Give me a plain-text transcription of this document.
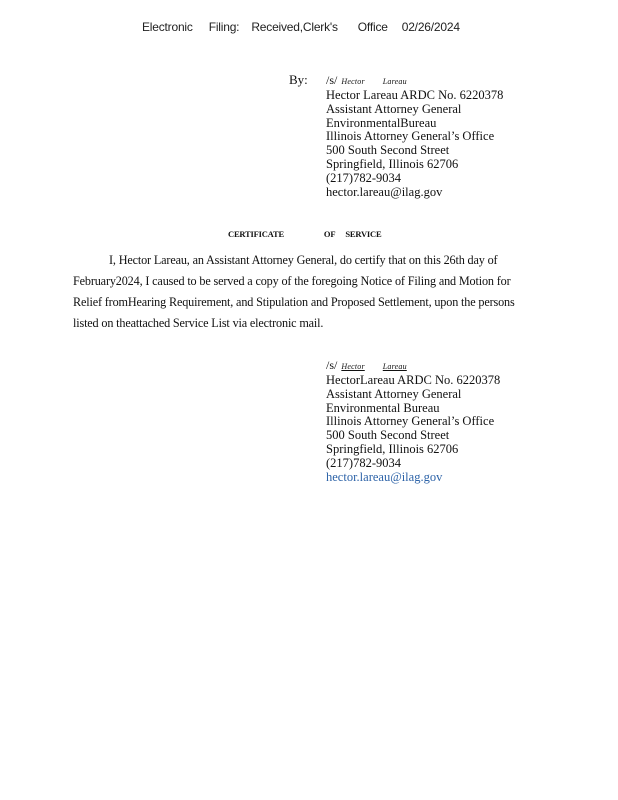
Electronic Filing: Received,Clerk's Office 02/26/2024
By: /s/ Hector Lareau
Hector Lareau ARDC No. 6220378
Assistant Attorney General
EnvironmentalBureau
Illinois Attorney General’s Office
500 South Second Street
Springfield, Illinois 62706
(217)782-9034
hector.lareau@ilag.gov
CERTIFICATE	OF SERVICE
I, Hector Lareau, an Assistant Attorney General, do certify that on this 26th day of
February2024, I caused to be served a copy of the foregoing Notice of Filing and Motion for
Relief fromHearing Requirement, and Stipulation and Proposed Settlement, upon the persons
listed on theattached Service List via electronic mail.
/s/ Hector Lareau
HectorLareau ARDC No. 6220378
Assistant Attorney General
Environmental Bureau
Illinois Attorney General’s Office
500 South Second Street
Springfield, Illinois 62706
(217)782-9034
hector.lareau@ilag.gov
